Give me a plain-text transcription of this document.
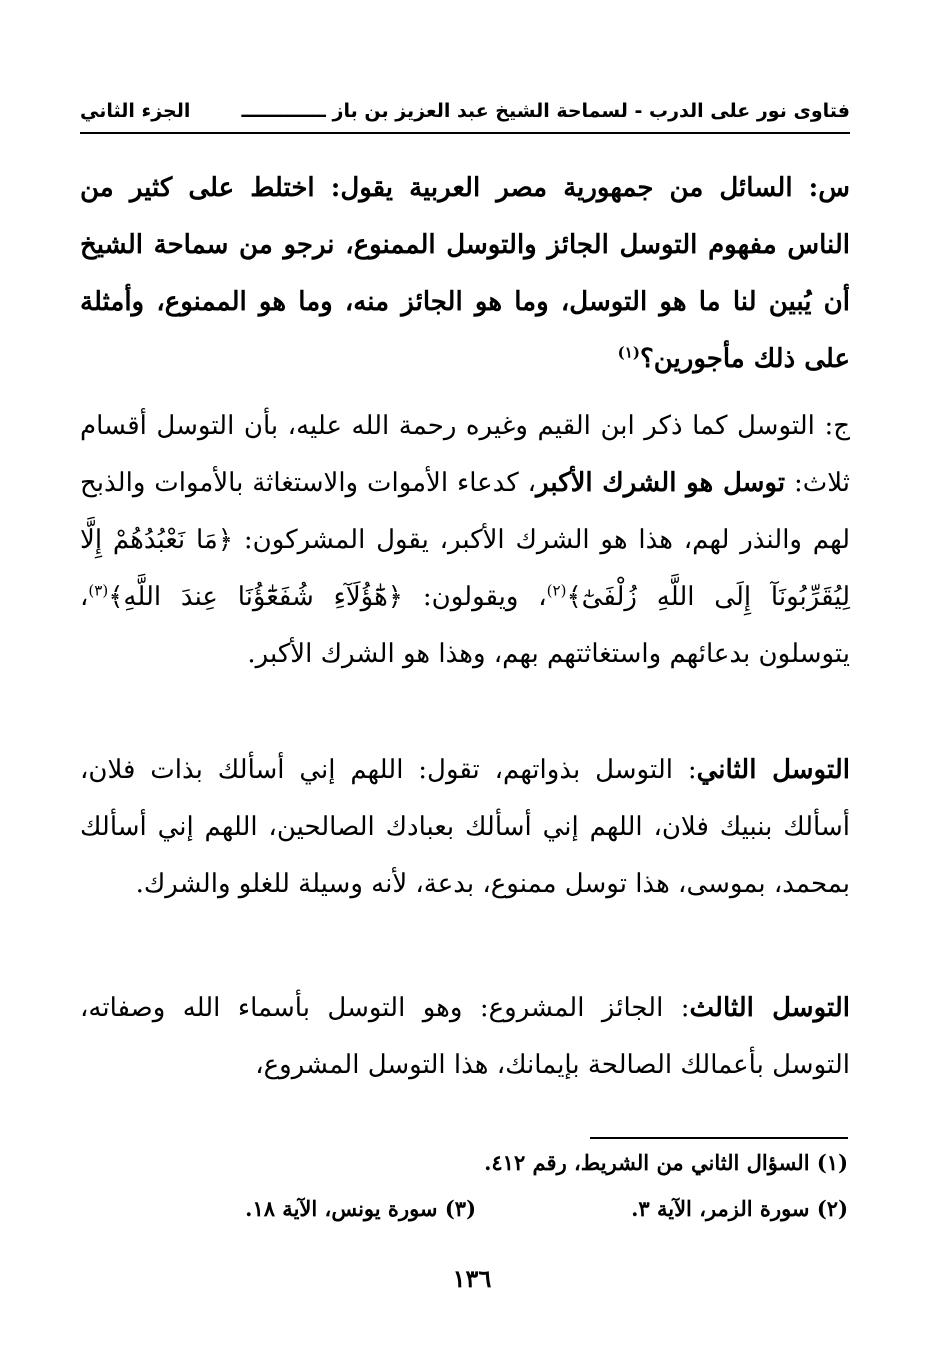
فتاوى نور على الدرب - لسماحة الشيخ عبد العزيز بن باز ـــــــــــــ
الجزء الثاني
س: السائل من جمهورية مصر العربية يقول: اختلط على كثير من الناس مفهوم التوسل الجائز والتوسل الممنوع، نرجو من سماحة الشيخ أن يُبين لنا ما هو التوسل، وما هو الجائز منه، وما هو الممنوع، وأمثلة على ذلك مأجورين؟$^{(١)}$
ج: التوسل كما ذكر ابن القيم وغيره رحمة الله عليه، بأن التوسل أقسام ثلاث: توسل هو الشرك الأكبر، كدعاء الأموات والاستغاثة بالأموات والذبح لهم والنذر لهم، هذا هو الشرك الأكبر، يقول المشركون: ﴿مَا نَعْبُدُهُمْ إِلَّا لِيُقَرِّبُونَآ إِلَى اللَّهِ زُلْفَىٰٓ﴾$^{(٢)}$، ويقولون: ﴿هَٰٓؤُلَآءِ شُفَعَٰٓؤُنَا عِندَ اللَّهِ﴾$^{(٣)}$، يتوسلون بدعائهم واستغاثتهم بهم، وهذا هو الشرك الأكبر.
التوسل الثاني: التوسل بذواتهم، تقول: اللهم إني أسألك بذات فلان، أسألك بنبيك فلان، اللهم إني أسألك بعبادك الصالحين، اللهم إني أسألك بمحمد، بموسى، هذا توسل ممنوع، بدعة، لأنه وسيلة للغلو والشرك.
التوسل الثالث: الجائز المشروع: وهو التوسل بأسماء الله وصفاته، التوسل بأعمالك الصالحة بإيمانك، هذا التوسل المشروع،
(١) السؤال الثاني من الشريط، رقم ٤١٢.
(٢) سورة الزمر، الآية ٣.
(٣) سورة يونس، الآية ١٨.
١٣٦
